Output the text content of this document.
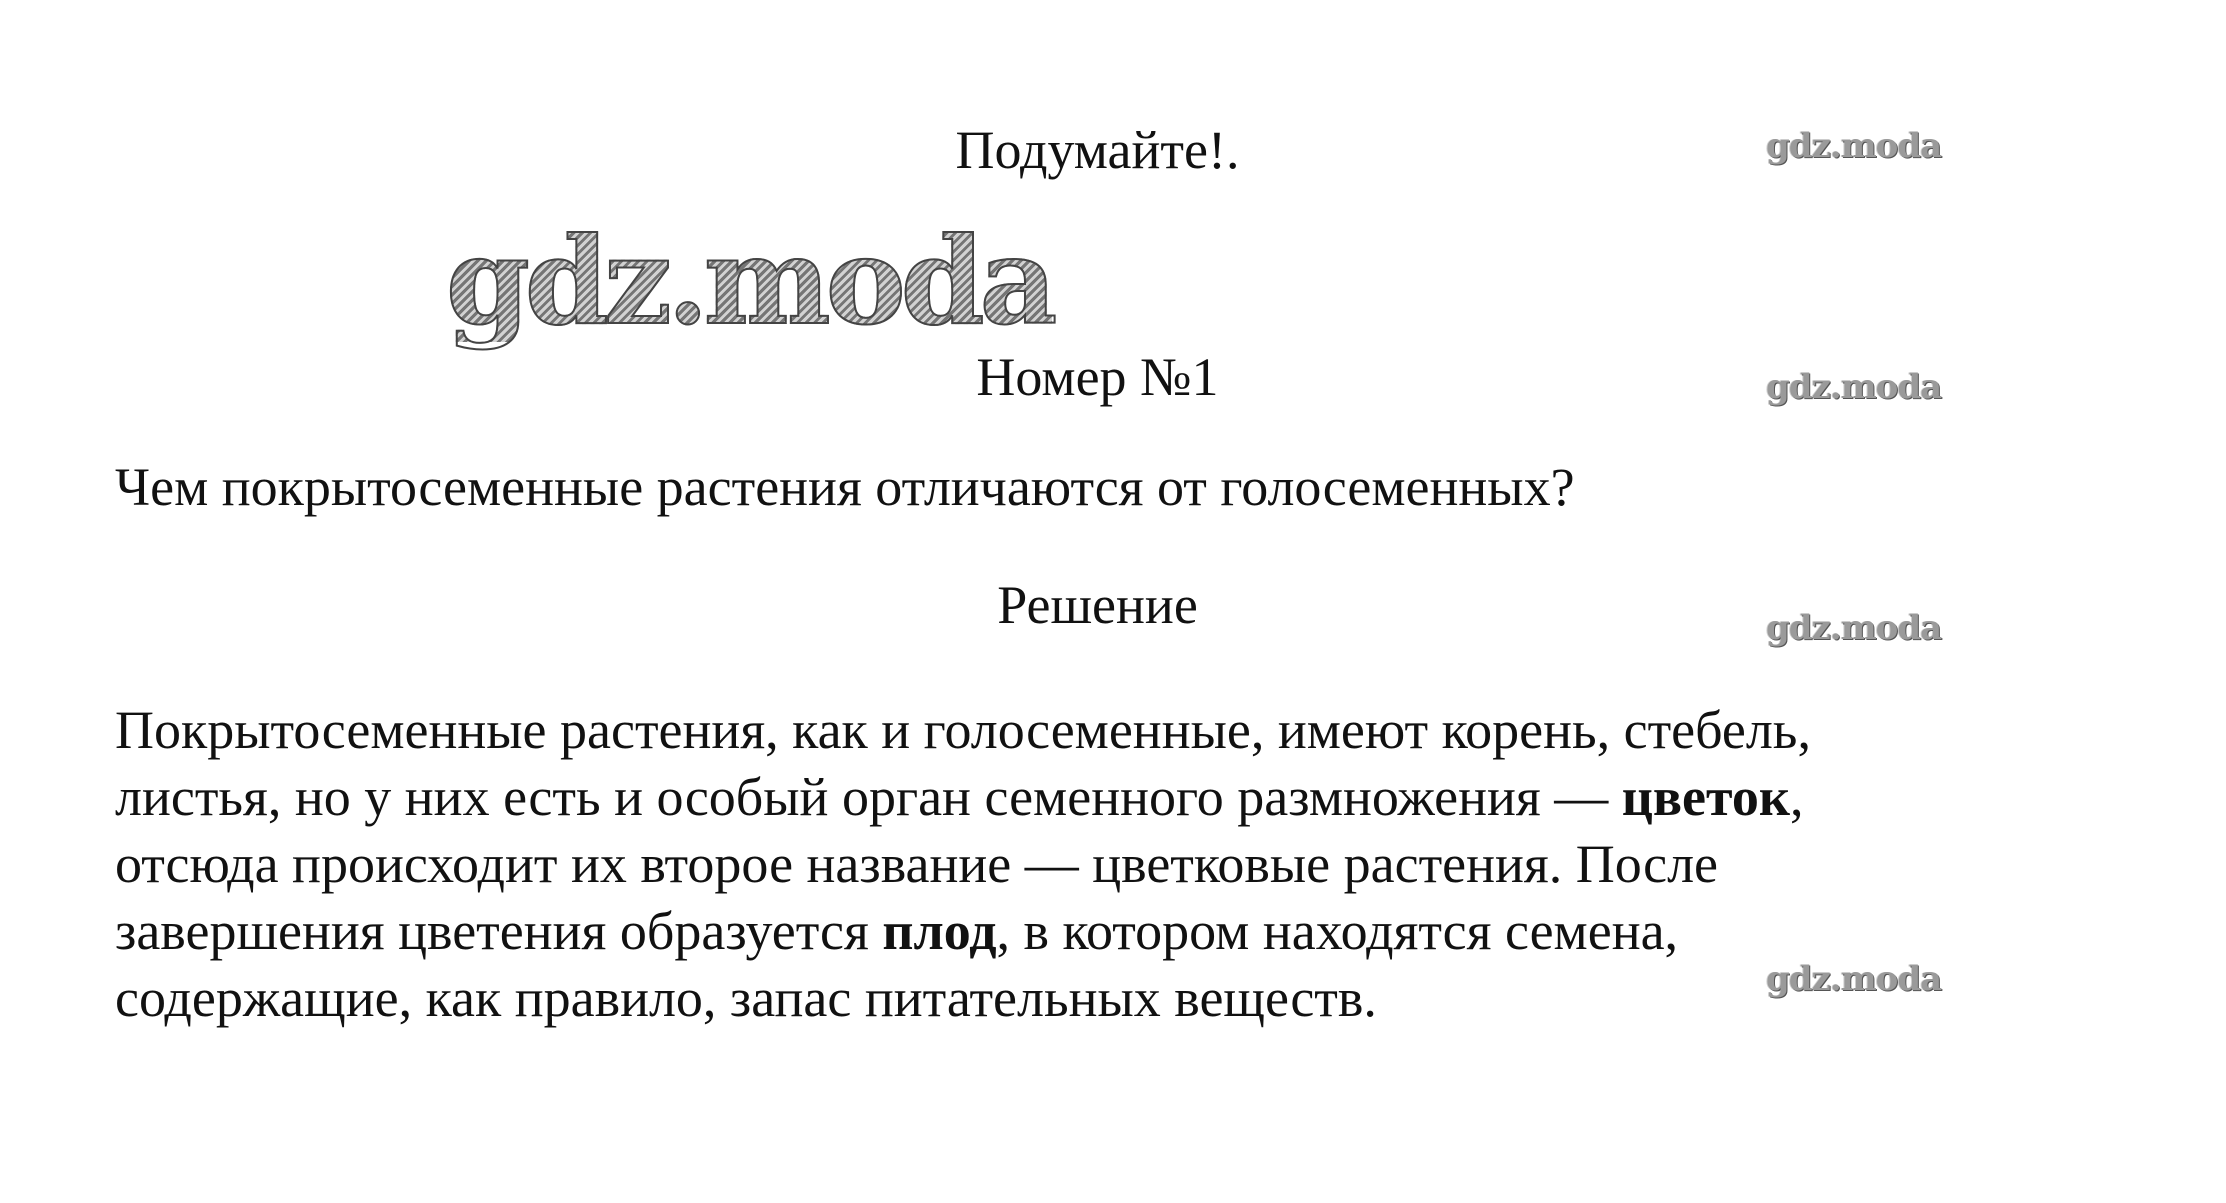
Подумайте!.
gdz.moda
Номер №1
Чем покрытосеменные растения отличаются от голосеменных?
Решение
Покрытосеменные растения, как и голосеменные, имеют корень, стебель,
листья, но у них есть и особый орган семенного размножения — цветок,
отсюда происходит их второе название — цветковые растения. После
завершения цветения образуется плод, в котором находятся семена,
содержащие, как правило, запас питательных веществ.
gdz.moda
gdz.moda
gdz.moda
gdz.moda
